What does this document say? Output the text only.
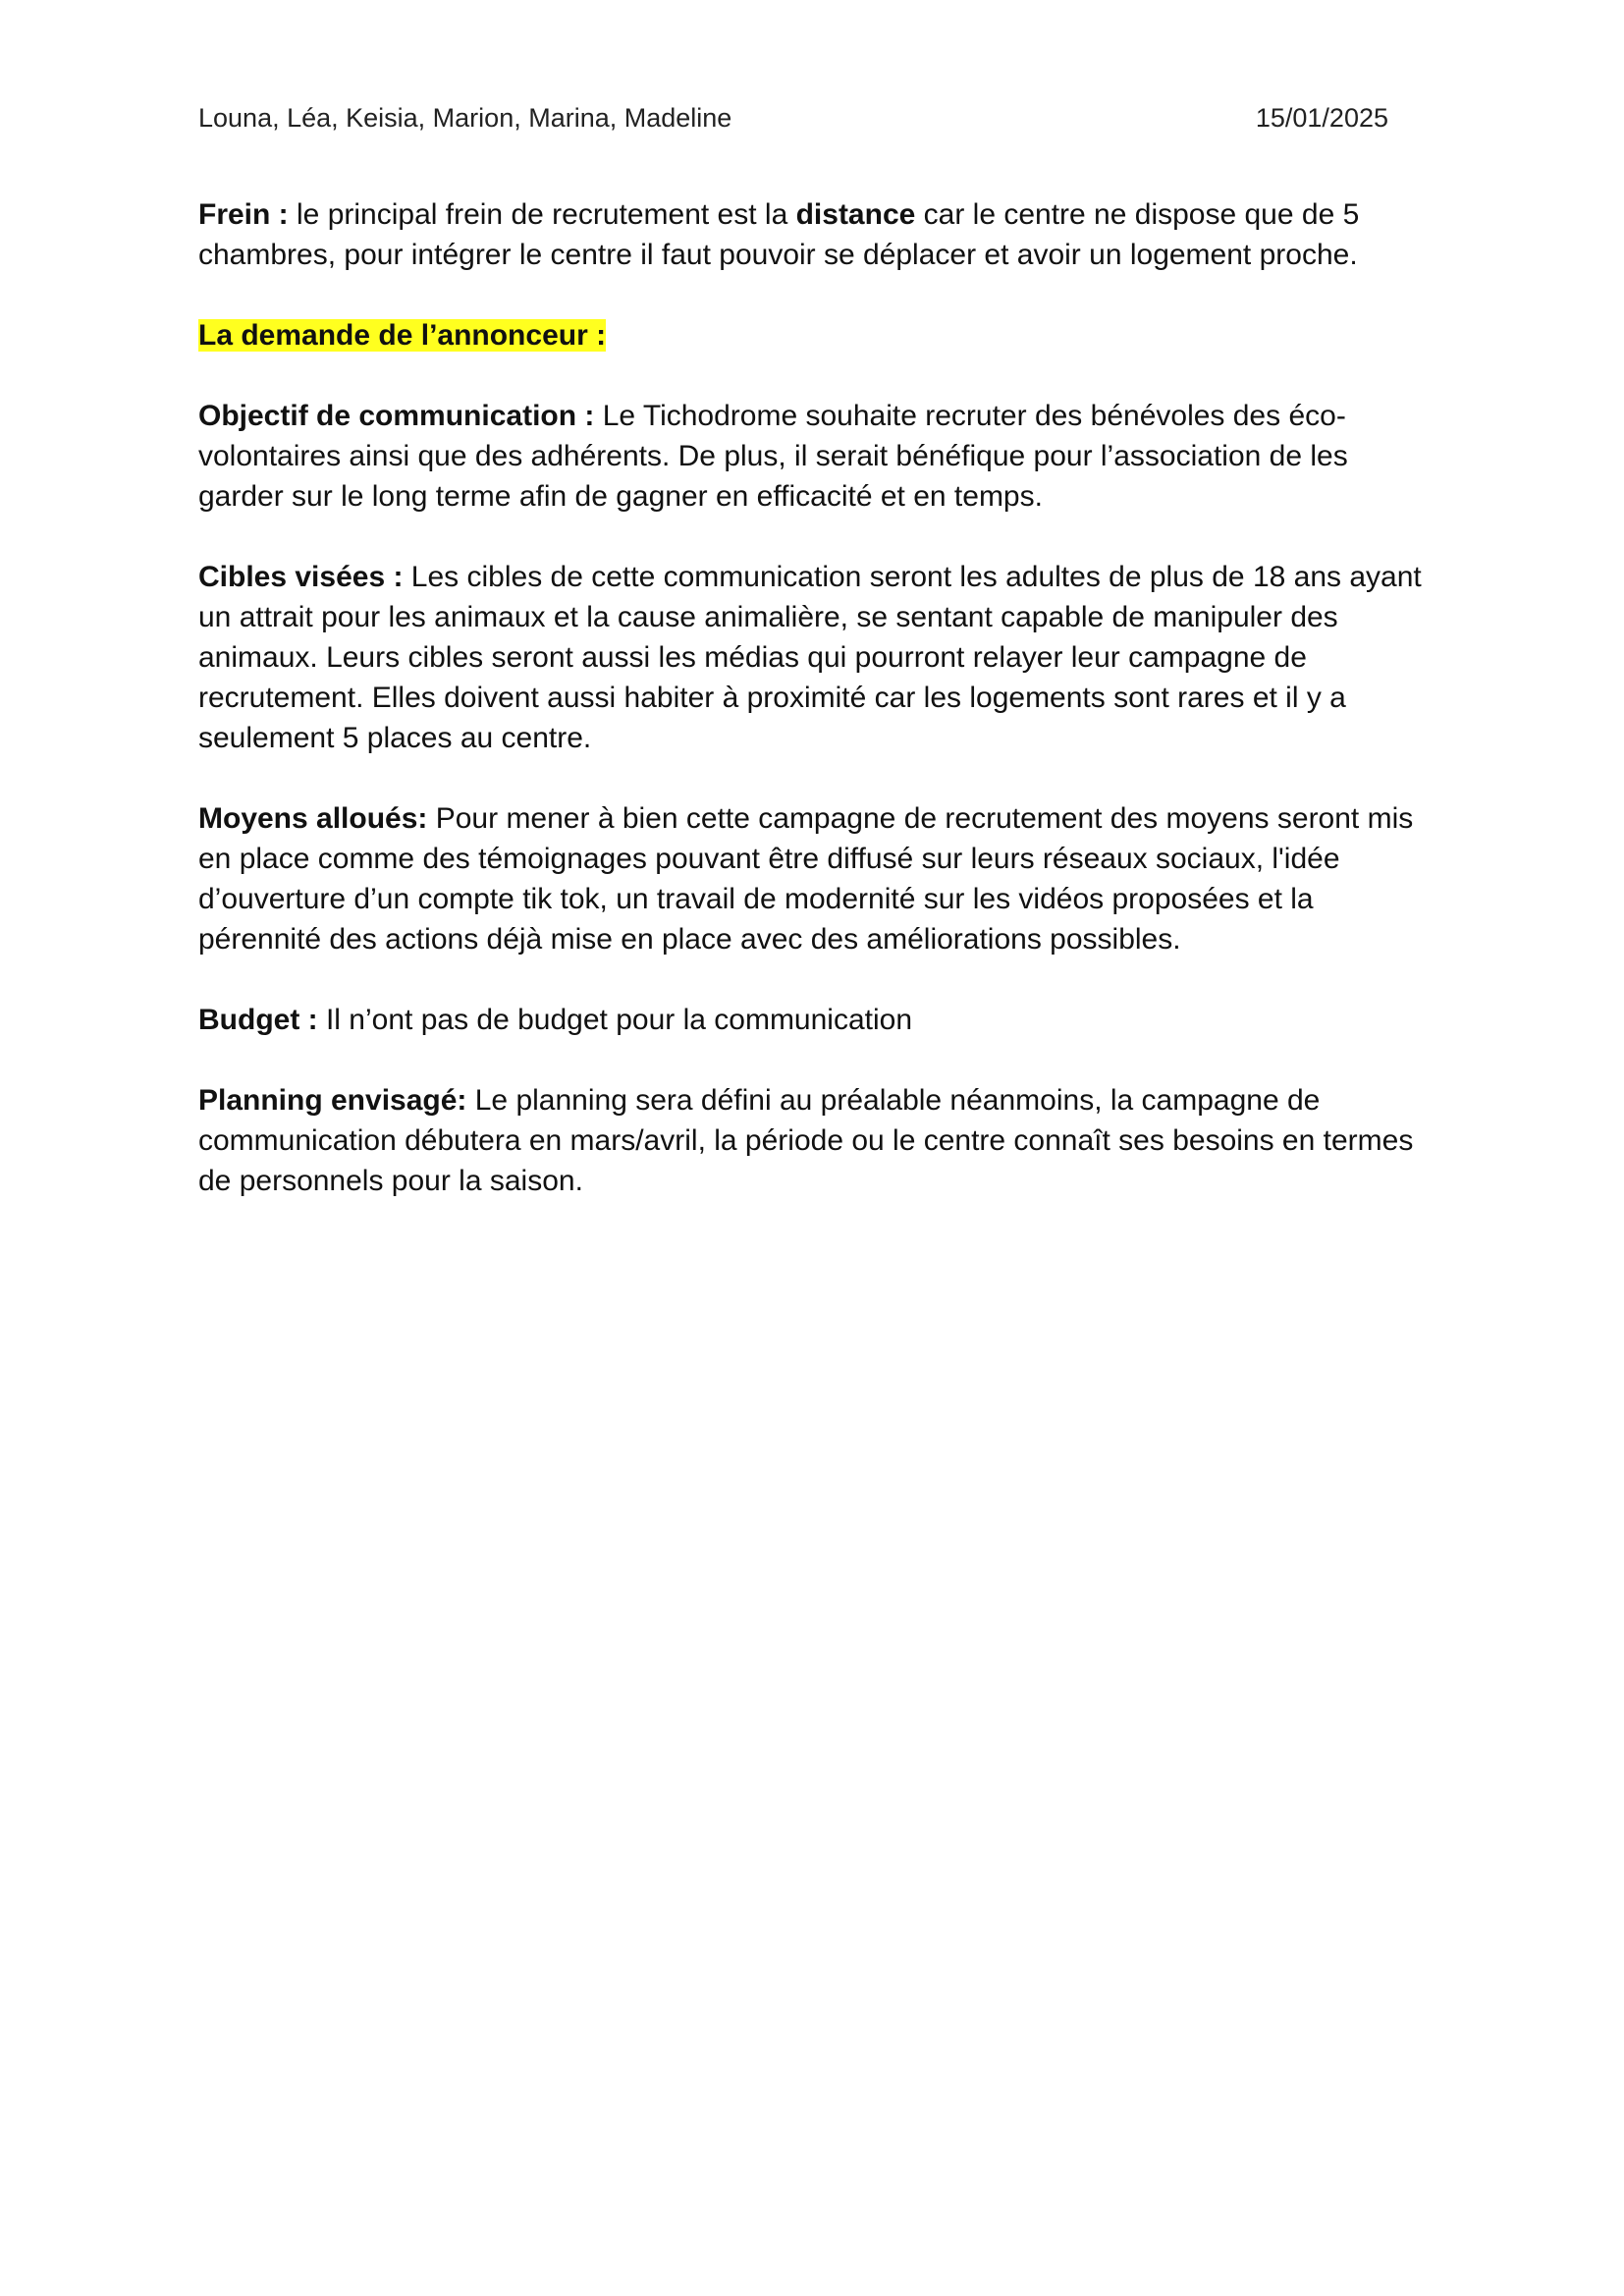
Louna, Léa, Keisia, Marion, Marina, Madeline	15/01/2025

Frein : le principal frein de recrutement est la distance car le centre ne dispose que de 5 chambres, pour intégrer le centre il faut pouvoir se déplacer et avoir un logement proche.

La demande de l’annonceur :

Objectif de communication : Le Tichodrome souhaite recruter des bénévoles des éco-volontaires ainsi que des adhérents. De plus, il serait bénéfique pour l’association de les garder sur le long terme afin de gagner en efficacité et en temps.

Cibles visées : Les cibles de cette communication seront les adultes de plus de 18 ans ayant un attrait pour les animaux et la cause animalière, se sentant capable de manipuler des animaux. Leurs cibles seront aussi les médias qui pourront relayer leur campagne de recrutement. Elles doivent aussi habiter à proximité car les logements sont rares et il y a seulement 5 places au centre.

Moyens alloués: Pour mener à bien cette campagne de recrutement des moyens seront mis en place comme des témoignages pouvant être diffusé sur leurs réseaux sociaux, l'idée d’ouverture d’un compte tik tok, un travail de modernité sur les vidéos proposées et la pérennité des actions déjà mise en place avec des améliorations possibles.

Budget : Il n’ont pas de budget pour la communication

Planning envisagé: Le planning sera défini au préalable néanmoins, la campagne de communication débutera en mars/avril, la période ou le centre connaît ses besoins en termes de personnels pour la saison.
